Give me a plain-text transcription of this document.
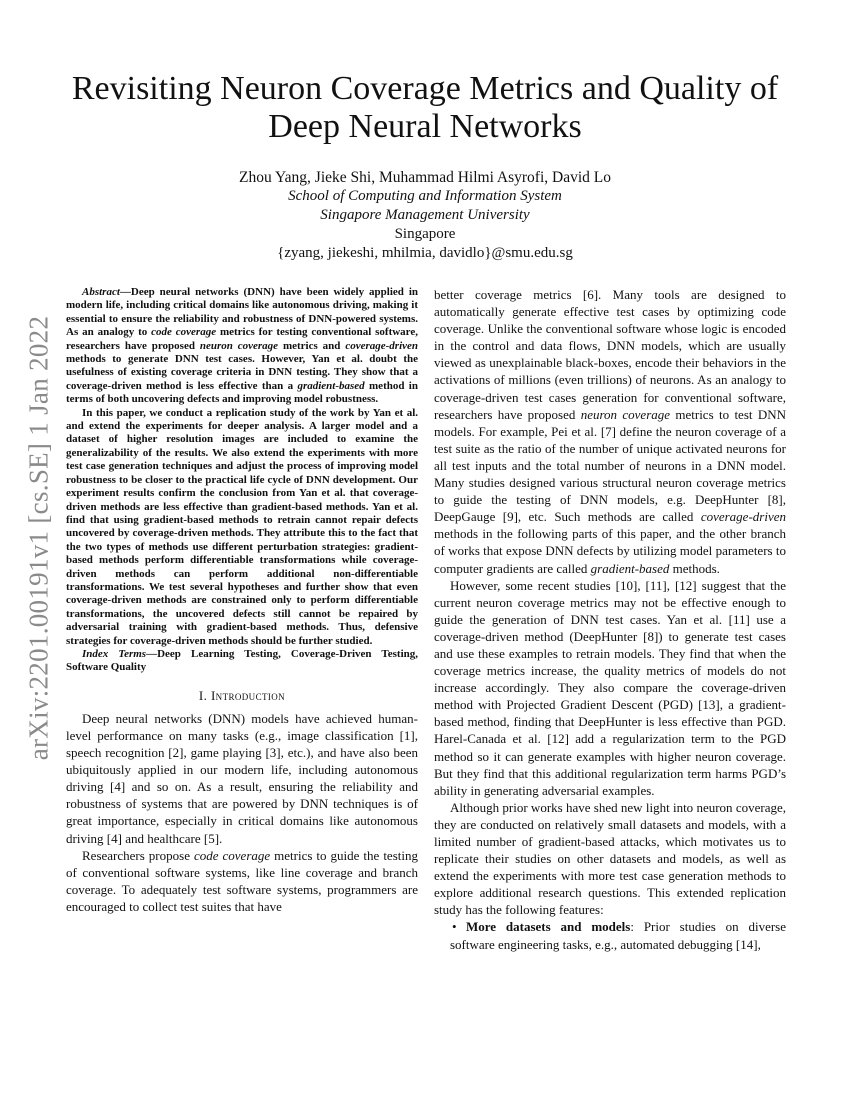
arXiv:2201.00191v1 [cs.SE] 1 Jan 2022
Revisiting Neuron Coverage Metrics and Quality of
Deep Neural Networks
Zhou Yang, Jieke Shi, Muhammad Hilmi Asyrofi, David Lo
School of Computing and Information System
Singapore Management University
Singapore
{zyang, jiekeshi, mhilmia, davidlo}@smu.edu.sg

Abstract—Deep neural networks (DNN) have been widely applied in modern life, including critical domains like autonomous driving, making it essential to ensure the reliability and robustness of DNN-powered systems. As an analogy to code coverage metrics for testing conventional software, researchers have proposed neuron coverage metrics and coverage-driven methods to generate DNN test cases. However, Yan et al. doubt the usefulness of existing coverage criteria in DNN testing. They show that a coverage-driven method is less effective than a gradient-based method in terms of both uncovering defects and improving model robustness.

In this paper, we conduct a replication study of the work by Yan et al. and extend the experiments for deeper analysis. A larger model and a dataset of higher resolution images are included to examine the generalizability of the results. We also extend the experiments with more test case generation techniques and adjust the process of improving model robustness to be closer to the practical life cycle of DNN development. Our experiment results confirm the conclusion from Yan et al. that coverage-driven methods are less effective than gradient-based methods. Yan et al. find that using gradient-based methods to retrain cannot repair defects uncovered by coverage-driven methods. They attribute this to the fact that the two types of methods use different perturbation strategies: gradient-based methods perform differentiable transformations while coverage-driven methods can perform additional non-differentiable transformations. We test several hypotheses and further show that even coverage-driven methods are constrained only to perform differentiable transformations, the uncovered defects still cannot be repaired by adversarial training with gradient-based methods. Thus, defensive strategies for coverage-driven methods should be further studied.

Index Terms—Deep Learning Testing, Coverage-Driven Testing, Software Quality

I. Introduction

Deep neural networks (DNN) models have achieved human-level performance on many tasks (e.g., image classification [1], speech recognition [2], game playing [3], etc.), and have also been ubiquitously applied in our modern life, including autonomous driving [4] and so on. As a result, ensuring the reliability and robustness of systems that are powered by DNN techniques is of great importance, especially in critical domains like autonomous driving [4] and healthcare [5].

Researchers propose code coverage metrics to guide the testing of conventional software systems, like line coverage and branch coverage. To adequately test software systems, programmers are encouraged to collect test suites that have

better coverage metrics [6]. Many tools are designed to automatically generate effective test cases by optimizing code coverage. Unlike the conventional software whose logic is encoded in the control and data flows, DNN models, which are usually viewed as unexplainable black-boxes, encode their behaviors in the activations of millions (even trillions) of neurons. As an analogy to coverage-driven test cases generation for conventional software, researchers have proposed neuron coverage metrics to test DNN models. For example, Pei et al. [7] define the neuron coverage of a test suite as the ratio of the number of unique activated neurons for all test inputs and the total number of neurons in a DNN model. Many studies designed various structural neuron coverage metrics to guide the testing of DNN models, e.g. DeepHunter [8], DeepGauge [9], etc. Such methods are called coverage-driven methods in the following parts of this paper, and the other branch of works that expose DNN defects by utilizing model parameters to computer gradients are called gradient-based methods.

However, some recent studies [10], [11], [12] suggest that the current neuron coverage metrics may not be effective enough to guide the generation of DNN test cases. Yan et al. [11] use a coverage-driven method (DeepHunter [8]) to generate test cases and use these examples to retrain models. They find that when the coverage metrics increase, the quality metrics of models do not increase accordingly. They also compare the coverage-driven method with Projected Gradient Descent (PGD) [13], a gradient-based method, finding that DeepHunter is less effective than PGD. Harel-Canada et al. [12] add a regularization term to the PGD method so it can generate examples with higher neuron coverage. But they find that this additional regularization term harms PGD’s ability in generating adversarial examples.

Although prior works have shed new light into neuron coverage, they are conducted on relatively small datasets and models, with a limited number of gradient-based attacks, which motivates us to replicate their studies on other datasets and models, as well as extend the experiments with more test case generation methods to explore additional research questions. This extended replication study has the following features:

• More datasets and models: Prior studies on diverse software engineering tasks, e.g., automated debugging [14],
